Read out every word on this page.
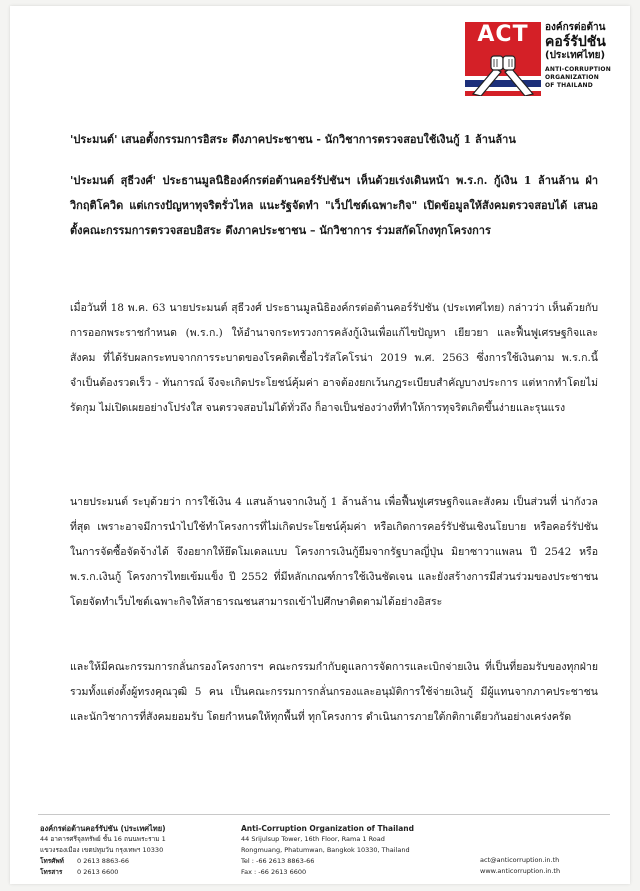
ACT	องค์กรต่อต้าน
คอร์รัปชัน
(ประเทศไทย)
ANTI-CORRUPTION
ORGANIZATION
OF THAILAND
'ประมนต์' เสนอตั้งกรรมการอิสระ ดึงภาคประชาชน - นักวิชาการตรวจสอบใช้เงินกู้ 1 ล้านล้าน
'ประมนต์ สุธีวงศ์' ประธานมูลนิธิองค์กรต่อต้านคอร์รัปชันฯ เห็นด้วยเร่งเดินหน้า พ.ร.ก. กู้เงิน 1 ล้านล้าน ฝ่าวิกฤติโควิด แต่เกรงปัญหาทุจริตรั่วไหล แนะรัฐจัดทำ "เว็ปไซต์เฉพาะกิจ" เปิดข้อมูลให้สังคมตรวจสอบได้ เสนอตั้งคณะกรรมการตรวจสอบอิสระ ดึงภาคประชาชน – นักวิชาการ ร่วมสกัดโกงทุกโครงการ
เมื่อวันที่ 18 พ.ค. 63 นายประมนต์ สุธีวงศ์ ประธานมูลนิธิองค์กรต่อต้านคอร์รัปชัน (ประเทศไทย) กล่าวว่า เห็นด้วยกับการออกพระราชกำหนด (พ.ร.ก.) ให้อำนาจกระทรวงการคลังกู้เงินเพื่อแก้ไขปัญหา เยียวยา และฟื้นฟูเศรษฐกิจและสังคม ที่ได้รับผลกระทบจากการระบาดของโรคติดเชื้อไวรัสโคโรน่า 2019 พ.ศ. 2563 ซึ่งการใช้เงินตาม พ.ร.ก.นี้ จำเป็นต้องรวดเร็ว - ทันการณ์ จึงจะเกิดประโยชน์คุ้มค่า อาจต้องยกเว้นกฎระเบียบสำคัญบางประการ แต่หากทำโดยไม่รัดกุม ไม่เปิดเผยอย่างโปร่งใส จนตรวจสอบไม่ได้ทั่วถึง ก็อาจเป็นช่องว่างที่ทำให้การทุจริตเกิดขึ้นง่ายและรุนแรง
นายประมนต์ ระบุด้วยว่า การใช้เงิน 4 แสนล้านจากเงินกู้ 1 ล้านล้าน เพื่อฟื้นฟูเศรษฐกิจและสังคม เป็นส่วนที่ น่ากังวลที่สุด เพราะอาจมีการนำไปใช้ทำโครงการที่ไม่เกิดประโยชน์คุ้มค่า หรือเกิดการคอร์รัปชันเชิงนโยบาย หรือคอร์รัปชันในการจัดซื้อจัดจ้างได้ จึงอยากให้ยึดโมเดลแบบ โครงการเงินกู้ยืมจากรัฐบาลญี่ปุ่น มิยาซาวาแพลน ปี 2542 หรือ พ.ร.ก.เงินกู้ โครงการไทยเข้มแข็ง ปี 2552 ที่มีหลักเกณฑ์การใช้เงินชัดเจน และยังสร้างการมีส่วนร่วมของประชาชน โดยจัดทำเว็บไซต์เฉพาะกิจให้สาธารณชนสามารถเข้าไปศึกษาติดตามได้อย่างอิสระ
และให้มีคณะกรรมการกลั่นกรองโครงการฯ คณะกรรมกำกับดูแลการจัดการและเบิกจ่ายเงิน ที่เป็นที่ยอมรับของทุกฝ่าย รวมทั้งแต่งตั้งผู้ทรงคุณวุฒิ 5 คน เป็นคณะกรรมการกลั่นกรองและอนุมัติการใช้จ่ายเงินกู้ มีผู้แทนจากภาคประชาชนและนักวิชาการที่สังคมยอมรับ โดยกำหนดให้ทุกพื้นที่ ทุกโครงการ ดำเนินการภายใต้กติกาเดียวกันอย่างเคร่งครัด
องค์กรต่อต้านคอร์รัปชัน (ประเทศไทย)
44 อาคารศรีจุลทรัพย์ ชั้น 16 ถนนพระราม 1
แขวงรองเมือง เขตปทุมวัน กรุงเทพฯ 10330
โทรศัพท์	0 2613 8863-66
โทรสาร	0 2613 6600
Anti-Corruption Organization of Thailand
44 Srijulsup Tower, 16th Floor, Rama 1 Road
Rongmuang, Phatumwan, Bangkok 10330, Thailand
Tel : -66 2613 8863-66
Fax : -66 2613 6600
act@anticorruption.in.th
www.anticorruption.in.th
